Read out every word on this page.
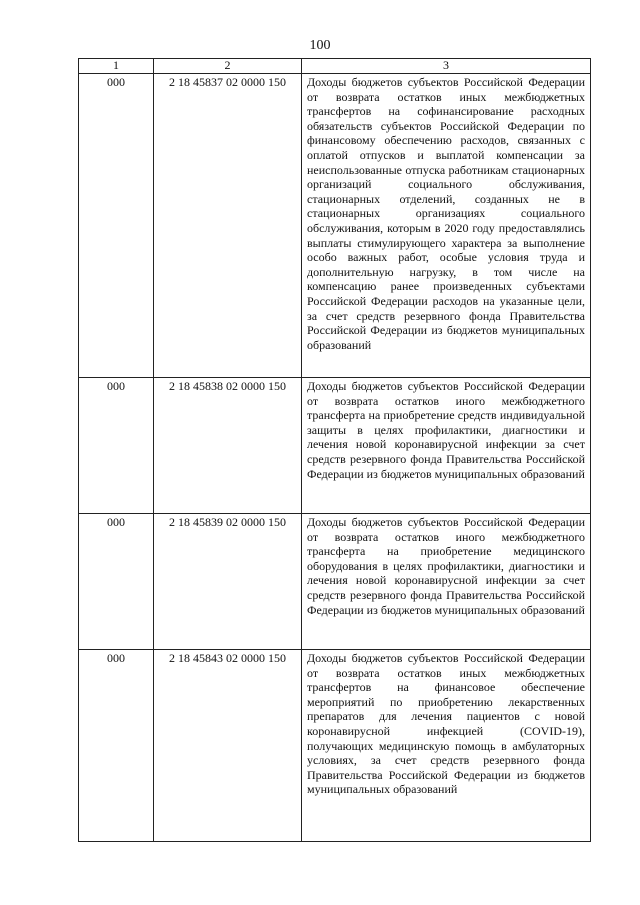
100
1	2	3
000	2 18 45837 02 0000 150	Доходы бюджетов субъектов Российской Федерации от возврата остатков иных межбюджетных трансфертов на софинансирование расходных обязательств субъектов Российской Федерации по финансовому обеспечению расходов, связанных с оплатой отпусков и выплатой компенсации за неиспользованные отпуска работникам стационарных организаций социального обслуживания, стационарных отделений, созданных не в стационарных организациях социального обслуживания, которым в 2020 году предоставлялись выплаты стимулирующего характера за выполнение особо важных работ, особые условия труда и дополнительную нагрузку, в том числе на компенсацию ранее произведенных субъектами Российской Федерации расходов на указанные цели, за счет средств резервного фонда Правительства Российской Федерации из бюджетов муниципальных образований
000	2 18 45838 02 0000 150	Доходы бюджетов субъектов Российской Федерации от возврата остатков иного межбюджетного трансферта на приобретение средств индивидуальной защиты в целях профилактики, диагностики и лечения новой коронавирусной инфекции за счет средств резервного фонда Правительства Российской Федерации из бюджетов муниципальных образований
000	2 18 45839 02 0000 150	Доходы бюджетов субъектов Российской Федерации от возврата остатков иного межбюджетного трансферта на приобретение медицинского оборудования в целях профилактики, диагностики и лечения новой коронавирусной инфекции за счет средств резервного фонда Правительства Российской Федерации из бюджетов муниципальных образований
000	2 18 45843 02 0000 150	Доходы бюджетов субъектов Российской Федерации от возврата остатков иных межбюджетных трансфертов на финансовое обеспечение мероприятий по приобретению лекарственных препаратов для лечения пациентов с новой коронавирусной инфекцией (COVID-19), получающих медицинскую помощь в амбулаторных условиях, за счет средств резервного фонда Правительства Российской Федерации из бюджетов муниципальных образований
